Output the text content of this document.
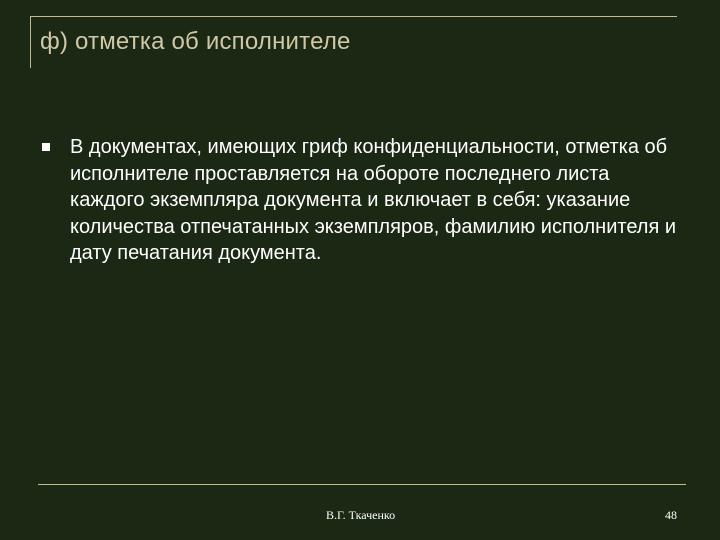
ф) отметка об исполнителе
В документах, имеющих гриф конфиденциальности, отметка об исполнителе проставляется на обороте последнего листа каждого экземпляра документа и включает в себя: указание количества отпечатанных экземпляров, фамилию исполнителя и дату печатания документа.
В.Г. Ткаченко	48
